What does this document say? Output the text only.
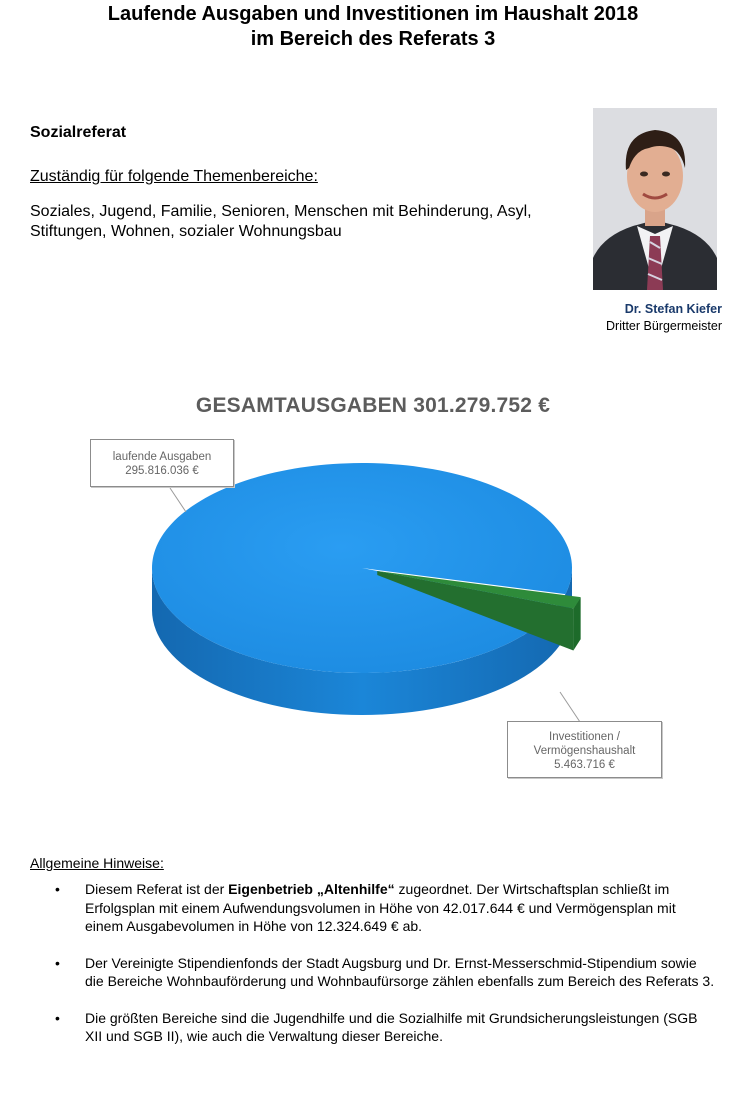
Laufende Ausgaben und Investitionen im Haushalt 2018
im Bereich des Referats 3
Sozialreferat

Zuständig für folgende Themenbereiche:

Soziales, Jugend, Familie, Senioren, Menschen mit Behinderung, Asyl, Stiftungen, Wohnen, sozialer Wohnungsbau

Dr. Stefan Kiefer
Dritter Bürgermeister
GESAMTAUSGABEN 301.279.752 €
laufende Ausgaben
295.816.036 €
Investitionen /
Vermögenshaushalt
5.463.716 €

Allgemeine Hinweise:

• Diesem Referat ist der Eigenbetrieb „Altenhilfe“ zugeordnet. Der Wirtschaftsplan schließt im Erfolgsplan mit einem Aufwendungsvolumen in Höhe von 42.017.644 € und Vermögensplan mit einem Ausgabevolumen in Höhe von 12.324.649 € ab.
• Der Vereinigte Stipendienfonds der Stadt Augsburg und Dr. Ernst-Messerschmid-Stipendium sowie die Bereiche Wohnbauförderung und Wohnbaufürsorge zählen ebenfalls zum Bereich des Referats 3.
• Die größten Bereiche sind die Jugendhilfe und die Sozialhilfe mit Grundsicherungsleistungen (SGB XII und SGB II), wie auch die Verwaltung dieser Bereiche.
